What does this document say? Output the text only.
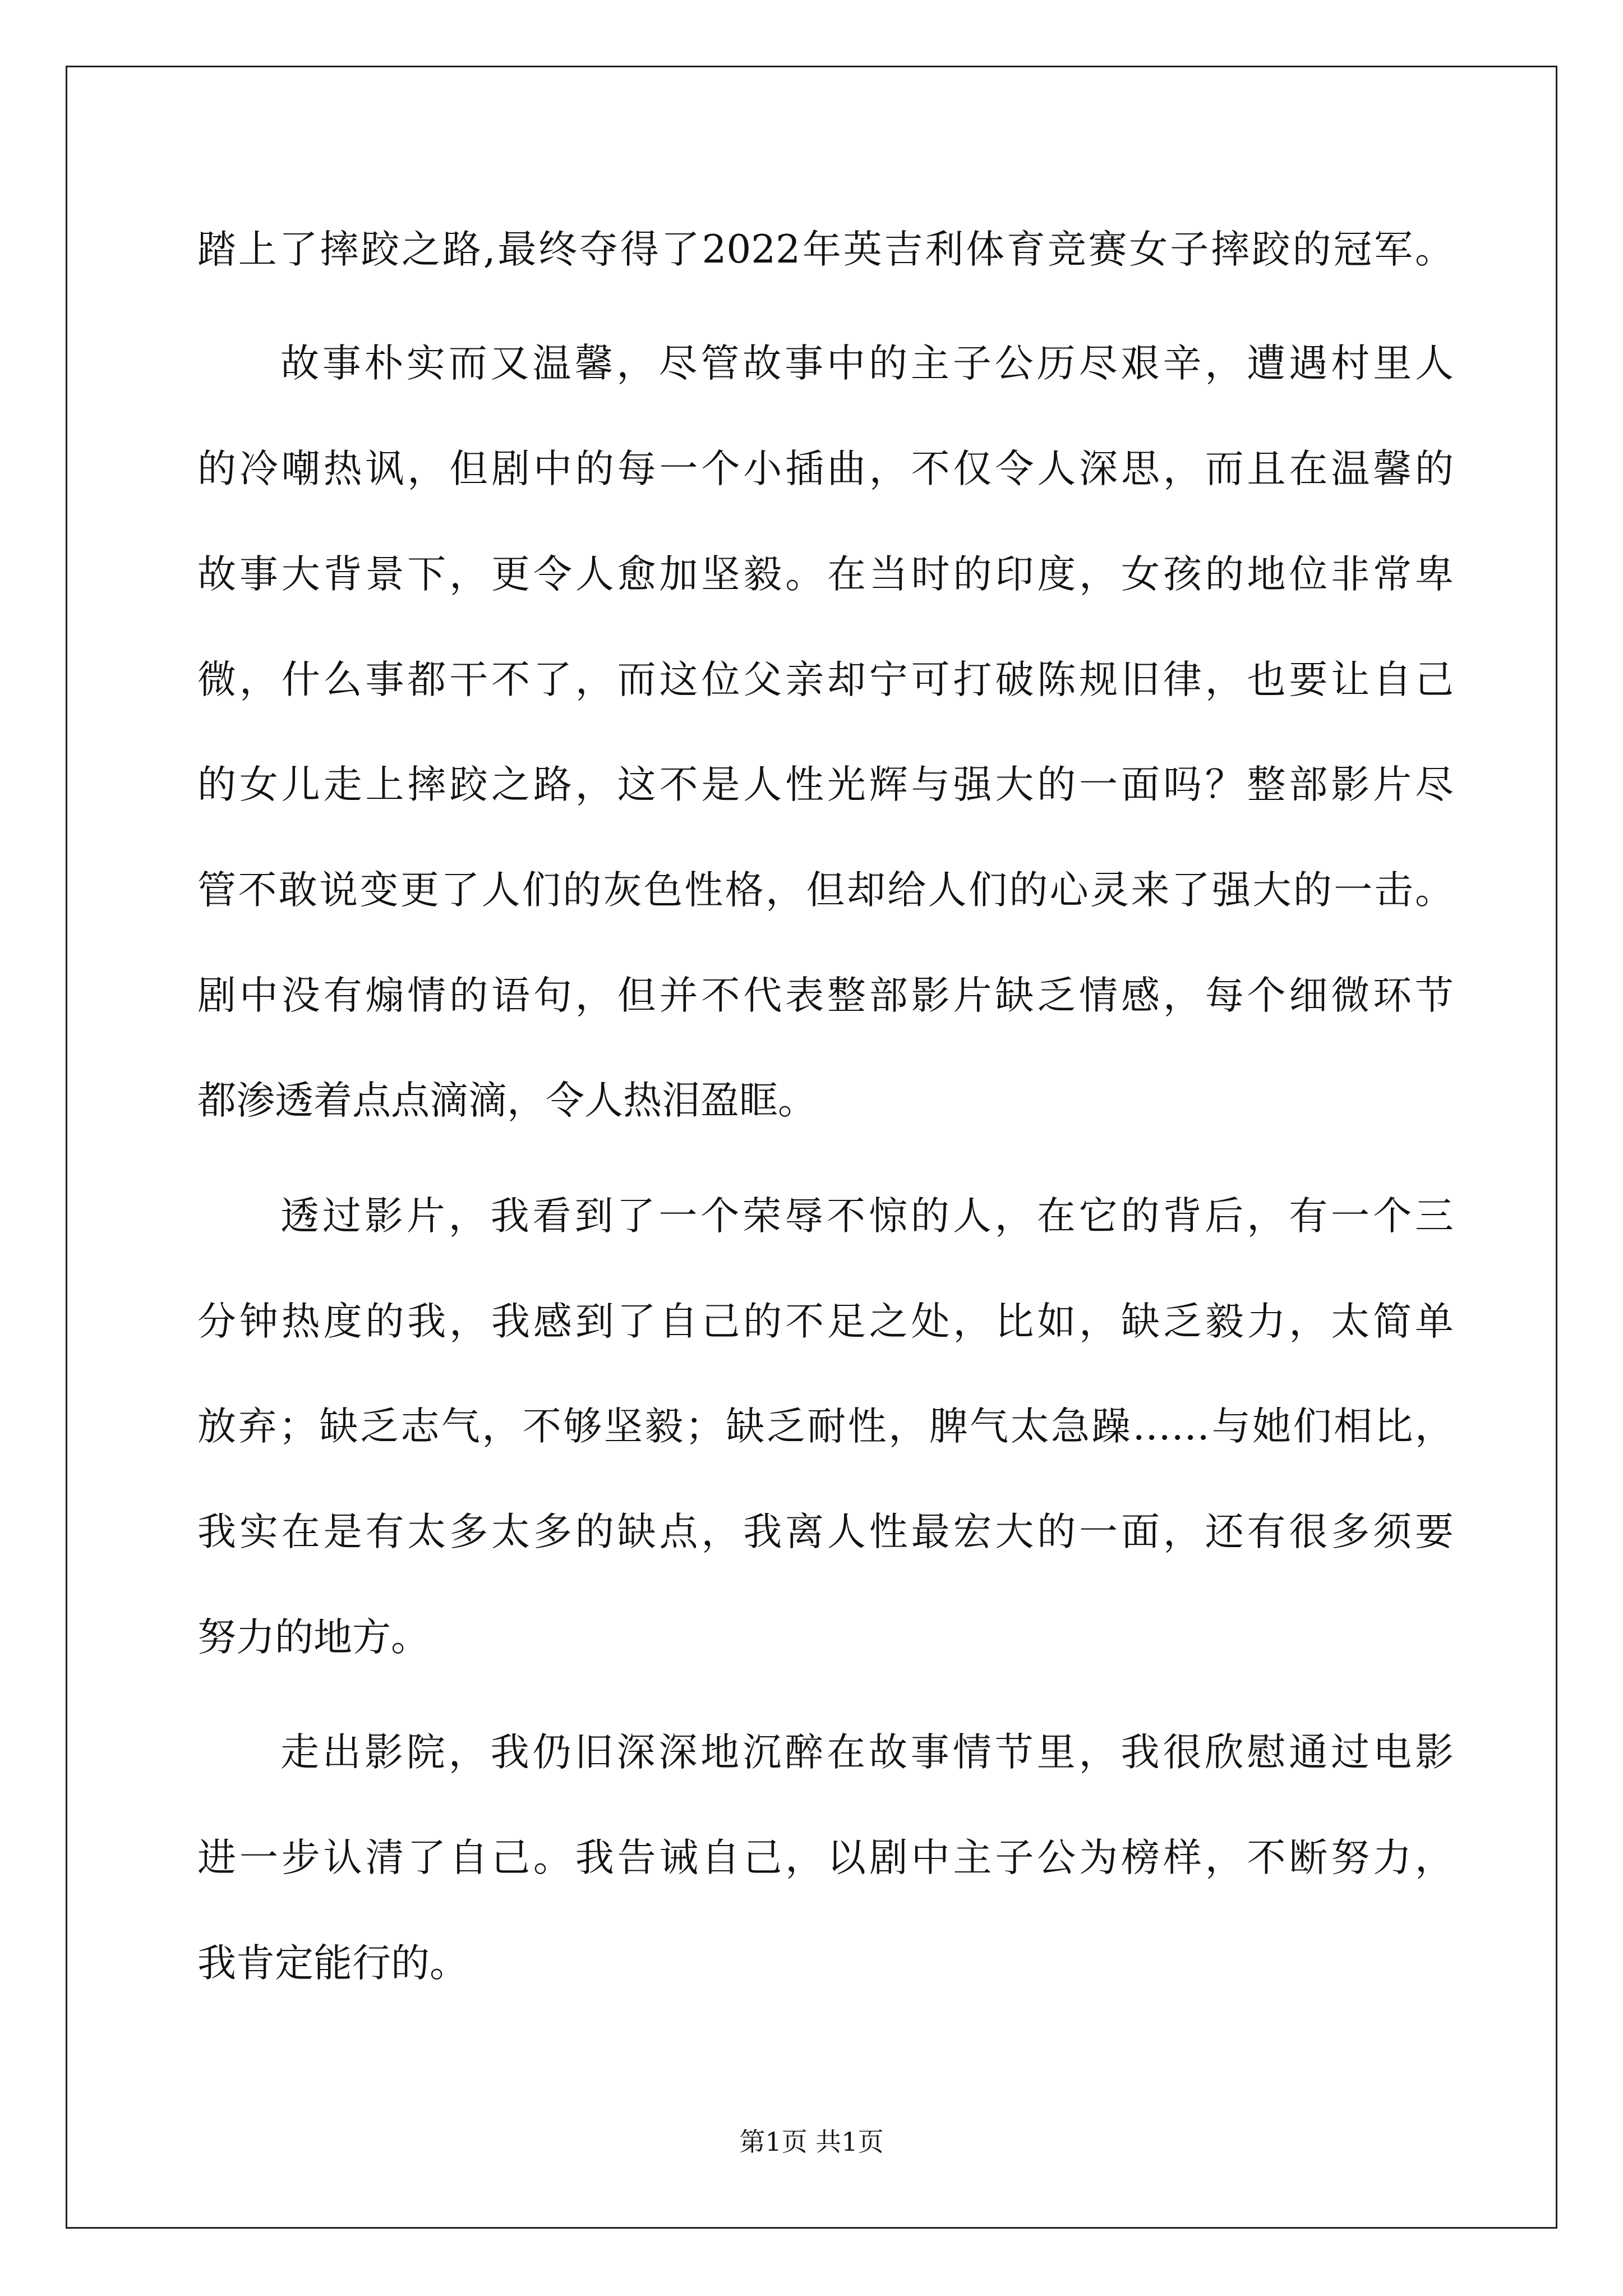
踏上了摔跤之路,最终夺得了2022年英吉利体育竞赛女子摔跤的冠军。
故事朴实而又温馨，尽管故事中的主子公历尽艰辛，遭遇村里人
的冷嘲热讽，但剧中的每一个小插曲，不仅令人深思，而且在温馨的
故事大背景下，更令人愈加坚毅。在当时的印度，女孩的地位非常卑
微，什么事都干不了，而这位父亲却宁可打破陈规旧律，也要让自己
的女儿走上摔跤之路，这不是人性光辉与强大的一面吗？整部影片尽
管不敢说变更了人们的灰色性格，但却给人们的心灵来了强大的一击。
剧中没有煽情的语句，但并不代表整部影片缺乏情感，每个细微环节
都渗透着点点滴滴，令人热泪盈眶。
透过影片，我看到了一个荣辱不惊的人，在它的背后，有一个三
分钟热度的我，我感到了自己的不足之处，比如，缺乏毅力，太简单
放弃；缺乏志气，不够坚毅；缺乏耐性，脾气太急躁……与她们相比，
我实在是有太多太多的缺点，我离人性最宏大的一面，还有很多须要
努力的地方。
走出影院，我仍旧深深地沉醉在故事情节里，我很欣慰通过电影
进一步认清了自己。我告诫自己，以剧中主子公为榜样，不断努力，
我肯定能行的。
第1页 共1页
